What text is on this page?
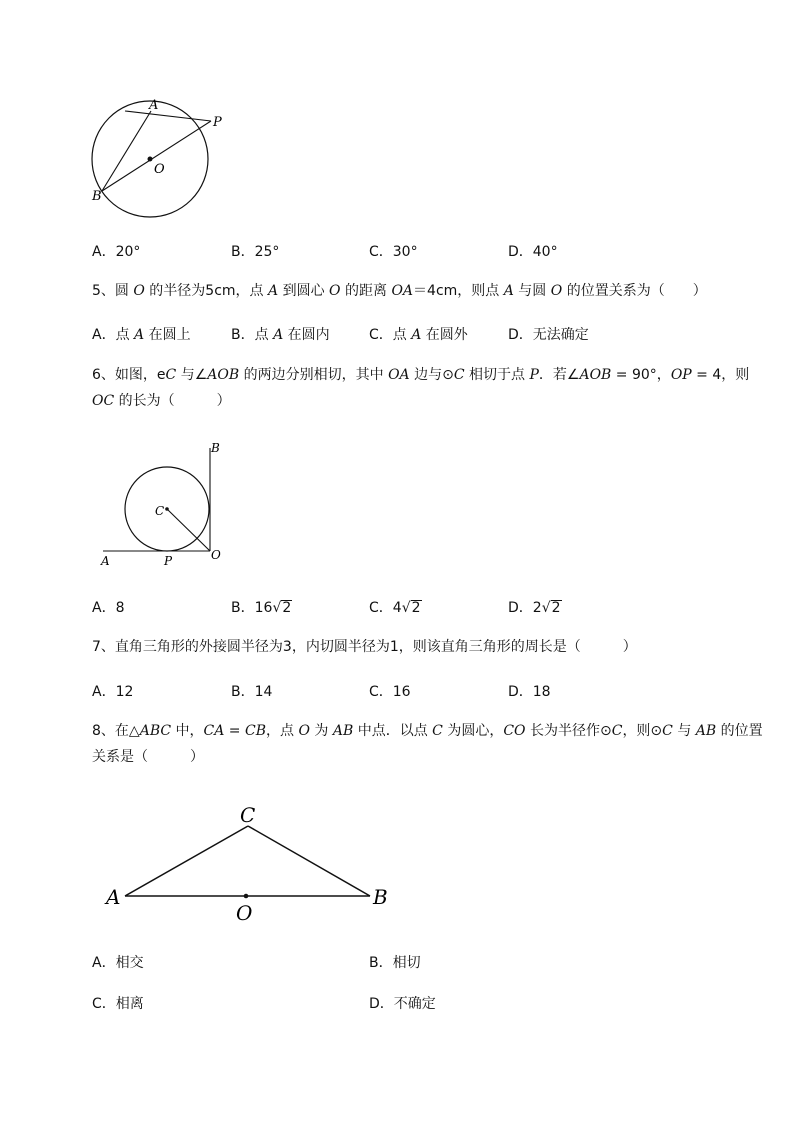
A
P
O
B
A．20°	B．25°	C．30°	D．40°
5、圆 O 的半径为5cm，点 A 到圆心 O 的距离 OA＝4cm，则点 A 与圆 O 的位置关系为（　　）
A．点 A 在圆上	B．点 A 在圆内	C．点 A 在圆外	D．无法确定
6、如图，eC 与∠AOB 的两边分别相切，其中 OA 边与⊙C 相切于点 P．若∠AOB = 90°，OP = 4，则
OC 的长为（　　　）
B
C
A	P	O
A．8	B．16√2	C．4√2	D．2√2
7、直角三角形的外接圆半径为3，内切圆半径为1，则该直角三角形的周长是（　　　）
A．12	B．14	C．16	D．18
8、在△ABC 中，CA = CB，点 O 为 AB 中点．以点 C 为圆心，CO 长为半径作⊙C，则⊙C 与 AB 的位置
关系是（　　　）
C
A
O
B
A．相交	B．相切
C．相离	D．不确定
